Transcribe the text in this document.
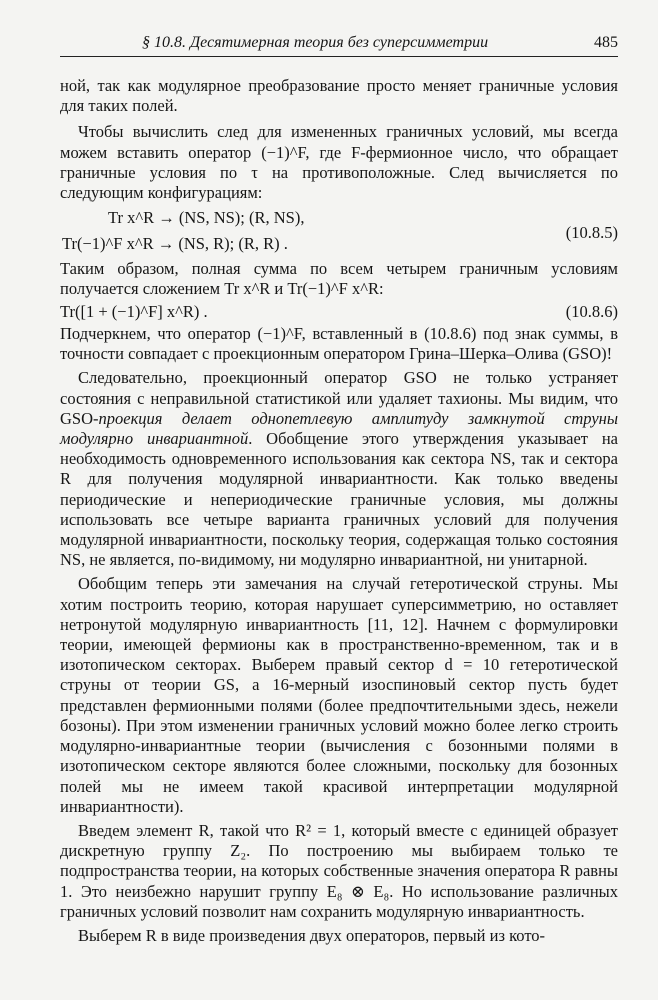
§ 10.8. Десятимерная теория без суперсимметрии	485

ной, так как модулярное преобразование просто меняет граничные условия для таких полей.

Чтобы вычислить след для измененных граничных условий, мы всегда можем вставить оператор (−1)^F, где F-фермионное число, что обращает граничные условия по τ на противоположные. След вычисляется по следующим конфигурациям:

Tr x^R → (NS, NS); (R, NS),
Tr(−1)^F x^R → (NS, R); (R, R) .
(10.8.5)

Таким образом, полная сумма по всем четырем граничным условиям получается сложением Tr x^R и Tr(−1)^F x^R:

Tr([1 + (−1)^F] x^R) .	(10.8.6)

Подчеркнем, что оператор (−1)^F, вставленный в (10.8.6) под знак суммы, в точности совпадает с проекционным оператором Грина–Шерка–Олива (GSO)!

Следовательно, проекционный оператор GSO не только устраняет состояния с неправильной статистикой или удаляет тахионы. Мы видим, что GSO-проекция делает однопетлевую амплитуду замкнутой струны модулярно инвариантной. Обобщение этого утверждения указывает на необходимость одновременного использования как сектора NS, так и сектора R для получения модулярной инвариантности. Как только введены периодические и непериодические граничные условия, мы должны использовать все четыре варианта граничных условий для получения модулярной инвариантности, поскольку теория, содержащая только состояния NS, не является, по-видимому, ни модулярно инвариантной, ни унитарной.

Обобщим теперь эти замечания на случай гетеротической струны. Мы хотим построить теорию, которая нарушает суперсимметрию, но оставляет нетронутой модулярную инвариантность [11, 12]. Начнем с формулировки теории, имеющей фермионы как в пространственно-временном, так и в изотопическом секторах. Выберем правый сектор d = 10 гетеротической струны от теории GS, а 16-мерный изоспиновый сектор пусть будет представлен фермионными полями (более предпочтительными здесь, нежели бозоны). При этом изменении граничных условий можно более легко строить модулярно-инвариантные теории (вычисления с бозонными полями в изотопическом секторе являются более сложными, поскольку для бозонных полей мы не имеем такой красивой интерпретации модулярной инвариантности).

Введем элемент R, такой что R² = 1, который вместе с единицей образует дискретную группу Z₂. По построению мы выбираем только те подпространства теории, на которых собственные значения оператора R равны 1. Это неизбежно нарушит группу E₈ ⊗ E₈. Но использование различных граничных условий позволит нам сохранить модулярную инвариантность.

Выберем R в виде произведения двух операторов, первый из кото-
